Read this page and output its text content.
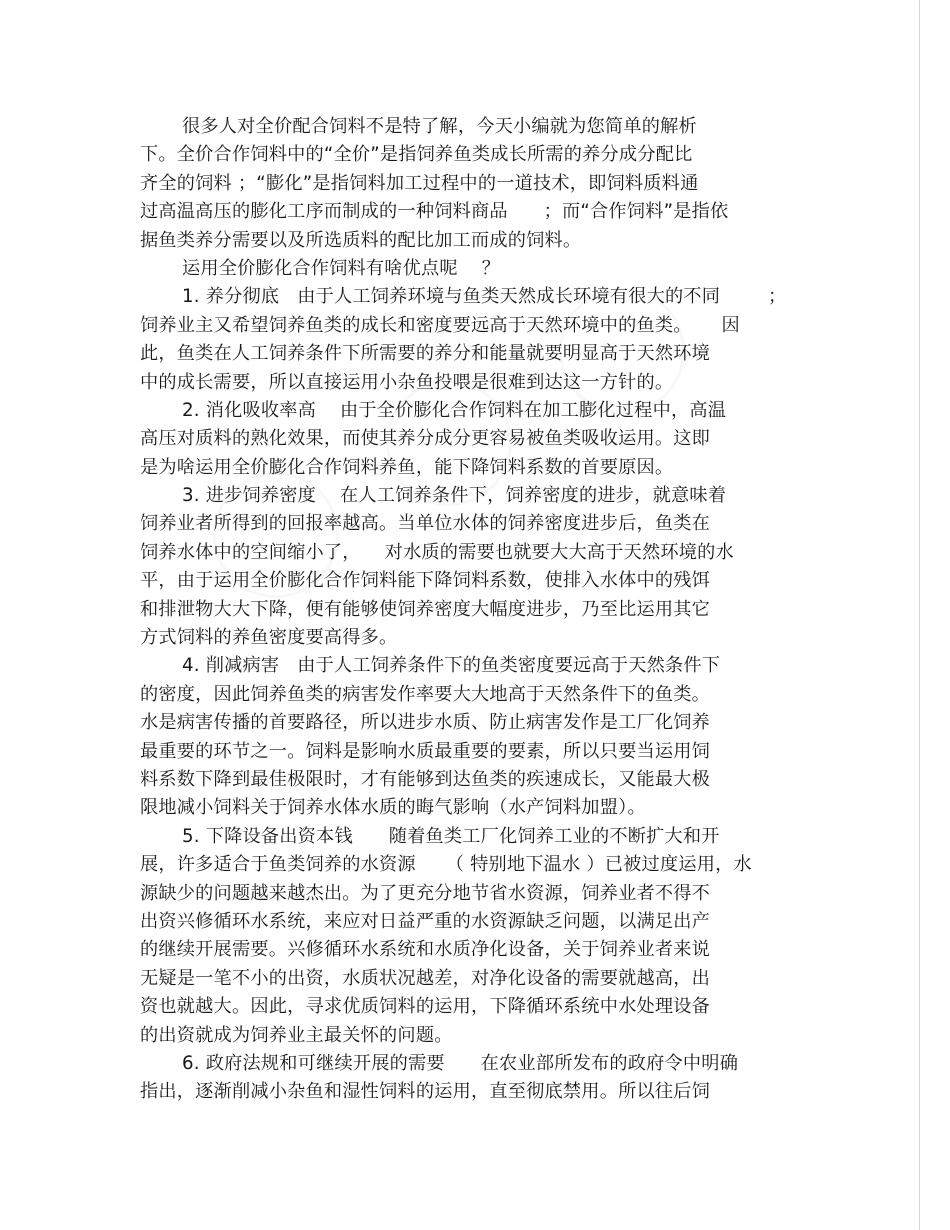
很多人对全价配合饲料不是特了解，今天小编就为您简单的解析
下。全价合作饲料中的“全价”是指饲养鱼类成长所需的养分成分配比
齐全的饲料 ；“膨化”是指饲料加工过程中的一道技术，即饲料质料通
过高温高压的膨化工序而制成的一种饲料商品      ；而“合作饲料”是指依
据鱼类养分需要以及所选质料的配比加工而成的饲料。
运用全价膨化合作饲料有啥优点呢    ？
1. 养分彻底   由于人工饲养环境与鱼类天然成长环境有很大的不同        ；
饲养业主又希望饲养鱼类的成长和密度要远高于天然环境中的鱼类。     因
此，鱼类在人工饲养条件下所需要的养分和能量就要明显高于天然环境
中的成长需要，所以直接运用小杂鱼投喂是很难到达这一方针的。
2. 消化吸收率高    由于全价膨化合作饲料在加工膨化过程中，高温
高压对质料的熟化效果，而使其养分成分更容易被鱼类吸收运用。这即
是为啥运用全价膨化合作饲料养鱼，能下降饲料系数的首要原因。
3. 进步饲养密度    在人工饲养条件下，饲养密度的进步，就意味着
饲养业者所得到的回报率越高。当单位水体的饲养密度进步后，鱼类在
饲养水体中的空间缩小了，    对水质的需要也就要大大高于天然环境的水
平，由于运用全价膨化合作饲料能下降饲料系数，使排入水体中的残饵
和排泄物大大下降，便有能够使饲养密度大幅度进步，乃至比运用其它
方式饲料的养鱼密度要高得多。
4. 削减病害   由于人工饲养条件下的鱼类密度要远高于天然条件下
的密度，因此饲养鱼类的病害发作率要大大地高于天然条件下的鱼类。
水是病害传播的首要路径，所以进步水质、防止病害发作是工厂化饲养
最重要的环节之一。饲料是影响水质最重要的要素，所以只要当运用饲
料系数下降到最佳极限时，才有能够到达鱼类的疾速成长，又能最大极
限地减小饲料关于饲养水体水质的晦气影响（水产饲料加盟）。
5. 下降设备出资本钱      随着鱼类工厂化饲养工业的不断扩大和开
展，许多适合于鱼类饲养的水资源     （ 特别地下温水 ）已被过度运用，水
源缺少的问题越来越杰出。为了更充分地节省水资源，饲养业者不得不
出资兴修循环水系统，来应对日益严重的水资源缺乏问题，以满足出产
的继续开展需要。兴修循环水系统和水质净化设备，关于饲养业者来说
无疑是一笔不小的出资，水质状况越差，对净化设备的需要就越高，出
资也就越大。因此，寻求优质饲料的运用，下降循环系统中水处理设备
的出资就成为饲养业主最关怀的问题。
6. 政府法规和可继续开展的需要      在农业部所发布的政府令中明确
指出，逐渐削减小杂鱼和湿性饲料的运用，直至彻底禁用。所以往后饲
